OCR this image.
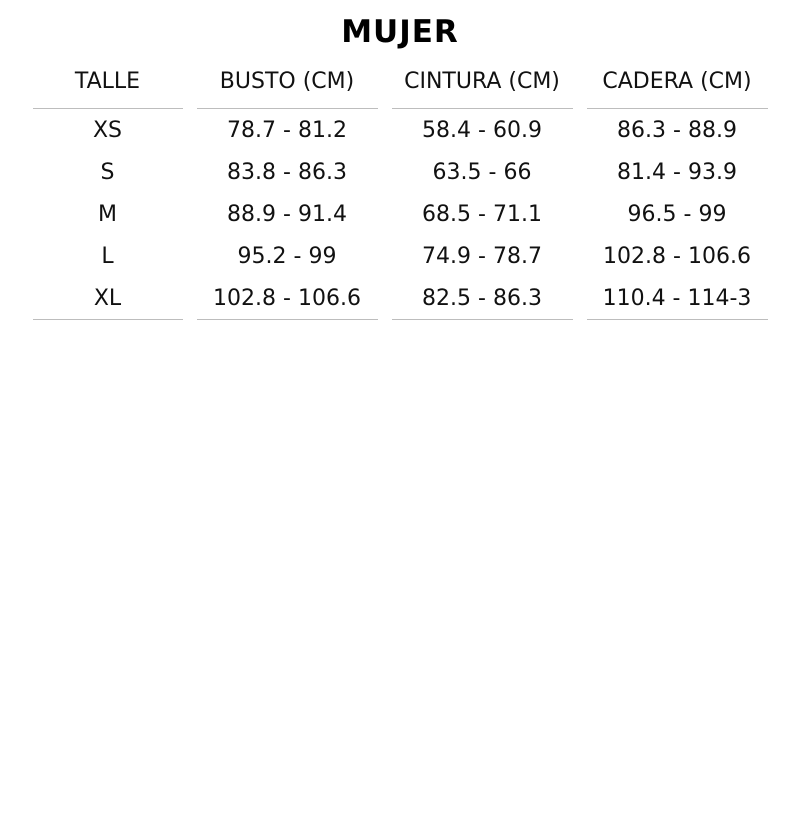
MUJER
TALLE		BUSTO (CM)		CINTURA (CM)		CADERA (CM)
XS		78.7 - 81.2		58.4 - 60.9		86.3 - 88.9
S		83.8 - 86.3		63.5 - 66		81.4 - 93.9
M		88.9 - 91.4		68.5 - 71.1		96.5 - 99
L		95.2 - 99		74.9 - 78.7		102.8 - 106.6
XL		102.8 - 106.6		82.5 - 86.3		110.4 - 114-3
